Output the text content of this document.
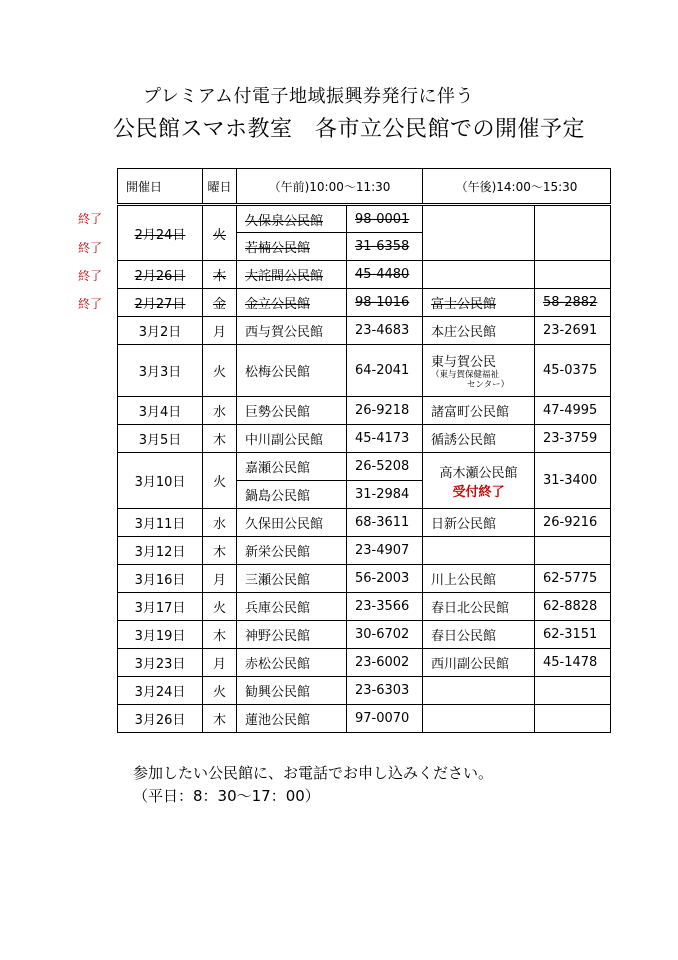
プレミアム付電子地域振興券発行に伴う
公民館スマホ教室　各市立公民館での開催予定
終了
終了
終了
終了
開催日	曜日	（午前)10:00～11:30		（午後)14:00～15:30	
2月24日	火	久保泉公民館	98-0001		
		若楠公民館	31-6358		
2月26日	木	大詫間公民館	45-4480		
2月27日	金	金立公民館	98-1016	富士公民館	58-2882
3月2日	月	西与賀公民館	23-4683	本庄公民館	23-2691
3月3日	火	松梅公民館	64-2041	東与賀公民
（東与賀保健福祉
センター）	45-0375
3月4日	水	巨勢公民館	26-9218	諸富町公民館	47-4995
3月5日	木	中川副公民館	45-4173	循誘公民館	23-3759
3月10日	火	嘉瀬公民館	26-5208	高木瀬公民館
受付終了	31-3400
		鍋島公民館	31-2984		
3月11日	水	久保田公民館	68-3611	日新公民館	26-9216
3月12日	木	新栄公民館	23-4907		
3月16日	月	三瀬公民館	56-2003	川上公民館	62-5775
3月17日	火	兵庫公民館	23-3566	春日北公民館	62-8828
3月19日	木	神野公民館	30-6702	春日公民館	62-3151
3月23日	月	赤松公民館	23-6002	西川副公民館	45-1478
3月24日	火	勧興公民館	23-6303		
3月26日	木	蓮池公民館	97-0070		
参加したい公民館に、お電話でお申し込みください。
（平日：8：30～17：00）
